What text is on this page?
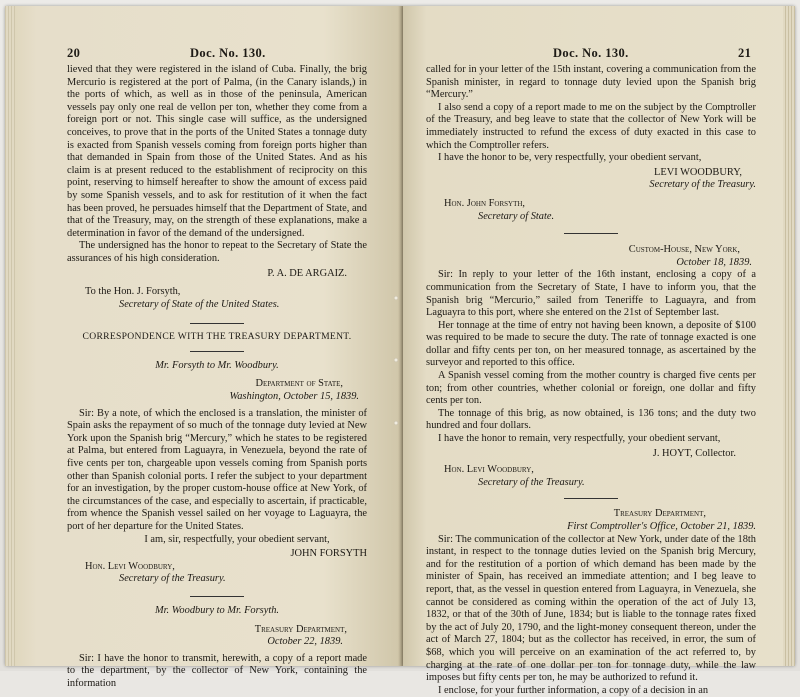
20	Doc. No. 130.

lieved that they were registered in the island of Cuba. Finally, the brig Mercurio is registered at the port of Palma, (in the Canary islands,) in the ports of which, as well as in those of the peninsula, American vessels pay only one real de vellon per ton, whether they come from a foreign port or not. This single case will suffice, as the undersigned conceives, to prove that in the ports of the United States a tonnage duty is exacted from Spanish vessels coming from foreign ports higher than that demanded in Spain from those of the United States. And as his claim is at present reduced to the establishment of reciprocity on this point, reserving to himself hereafter to show the amount of excess paid by some Spanish vessels, and to ask for restitution of it when the fact has been proved, he persuades himself that the Department of State, and that of the Treasury, may, on the strength of these explanations, make a determination in favor of the demand of the undersigned.

The undersigned has the honor to repeat to the Secretary of State the assurances of his high consideration.

P. A. DE ARGAIZ.
To the Hon. J. Forsyth,
Secretary of State of the United States.
CORRESPONDENCE WITH THE TREASURY DEPARTMENT.
Mr. Forsyth to Mr. Woodbury.
Department of State,
Washington, October 15, 1839.

Sir: By a note, of which the enclosed is a translation, the minister of Spain asks the repayment of so much of the tonnage duty levied at New York upon the Spanish brig “Mercury,” which he states to be registered at Palma, but entered from Laguayra, in Venezuela, beyond the rate of five cents per ton, chargeable upon vessels coming from Spanish ports other than Spanish colonial ports. I refer the subject to your department for an investigation, by the proper custom-house office at New York, of the circumstances of the case, and especially to ascertain, if practicable, from whence the Spanish vessel sailed on her voyage to Laguayra, the port of her departure for the United States.

I am, sir, respectfully, your obedient servant,
JOHN FORSYTH
Hon. Levi Woodbury,
Secretary of the Treasury.
Mr. Woodbury to Mr. Forsyth.
Treasury Department,
October 22, 1839.

Sir: I have the honor to transmit, herewith, a copy of a report made to the department, by the collector of New York, containing the information

Doc. No. 130.	21

called for in your letter of the 15th instant, covering a communication from the Spanish minister, in regard to tonnage duty levied upon the Spanish brig “Mercury.”

I also send a copy of a report made to me on the subject by the Comptroller of the Treasury, and beg leave to state that the collector of New York will be immediately instructed to refund the excess of duty exacted in this case to which the Comptroller refers.

I have the honor to be, very respectfully, your obedient servant,

LEVI WOODBURY,
Secretary of the Treasury.
Hon. John Forsyth,
Secretary of State.
Custom-House, New York,
October 18, 1839.

Sir: In reply to your letter of the 16th instant, enclosing a copy of a communication from the Secretary of State, I have to inform you, that the Spanish brig “Mercurio,” sailed from Teneriffe to Laguayra, and from Laguayra to this port, where she entered on the 21st of September last.

Her tonnage at the time of entry not having been known, a deposite of $100 was required to be made to secure the duty. The rate of tonnage exacted is one dollar and fifty cents per ton, on her measured tonnage, as ascertained by the surveyor and reported to this office.

A Spanish vessel coming from the mother country is charged five cents per ton; from other countries, whether colonial or foreign, one dollar and fifty cents per ton.

The tonnage of this brig, as now obtained, is 136 tons; and the duty two hundred and four dollars.

I have the honor to remain, very respectfully, your obedient servant,

J. HOYT, Collector.
Hon. Levi Woodbury,
Secretary of the Treasury.
Treasury Department,
First Comptroller's Office, October 21, 1839.

Sir: The communication of the collector at New York, under date of the 18th instant, in respect to the tonnage duties levied on the Spanish brig Mercury, and for the restitution of a portion of which demand has been made by the minister of Spain, has received an immediate attention; and I beg leave to report, that, as the vessel in question entered from Laguayra, in Venezuela, she cannot be considered as coming within the operation of the act of July 13, 1832, or that of the 30th of June, 1834; but is liable to the tonnage rates fixed by the act of July 20, 1790, and the light-money consequent thereon, under the act of March 27, 1804; but as the collector has received, in error, the sum of $68, which you will perceive on an examination of the act referred to, by charging at the rate of one dollar per ton for tonnage duty, while the law imposes but fifty cents per ton, he may be authorized to refund it.

I enclose, for your further information, a copy of a decision in an
